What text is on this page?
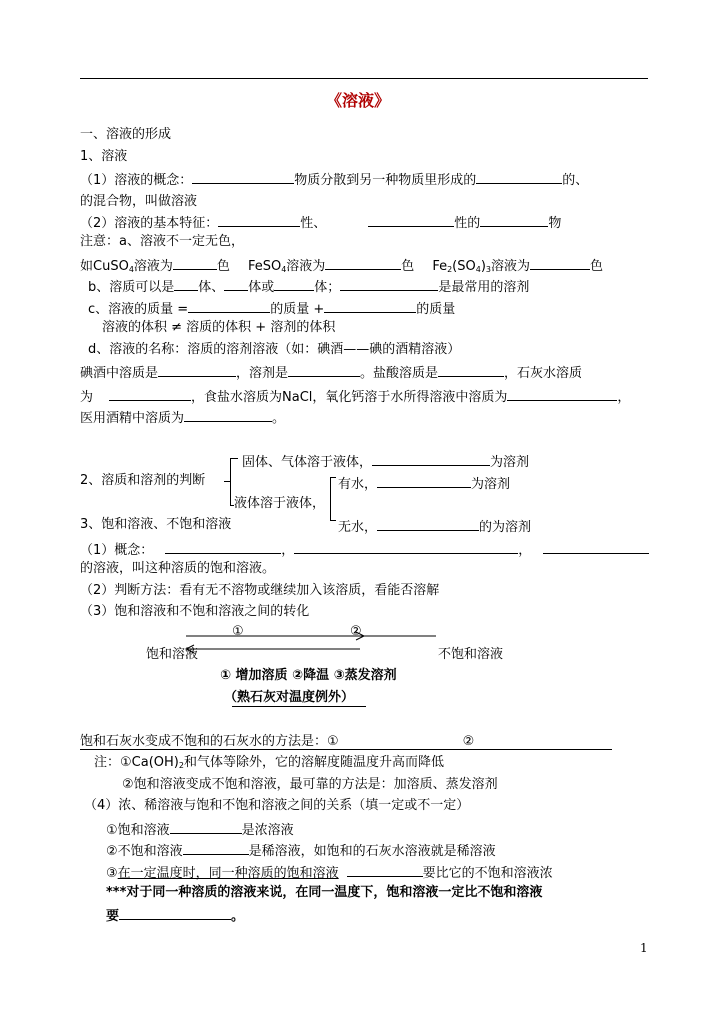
《溶液》
一、溶液的形成
1、溶液
（1）溶液的概念：	物质分散到另一种物质里形成的	的、
的混合物，叫做溶液
（2）溶液的基本特征：	性、	性的	物
注意：a、溶液不一定无色，
如CuSO$_4$溶液为	色 FeSO$_4$溶液为	色 $Fe_2(SO_4)_3$溶液为	色
b、溶质可以是 体、 体或	体；	是最常用的溶剂
c、溶液的质量 =	的质量 +	的质量
溶液的体积 ≠ 溶质的体积 + 溶剂的体积
d、溶液的名称：溶质的溶剂溶液（如：碘酒——碘的酒精溶液）
碘酒中溶质是	，溶剂是	。盐酸溶质是	，石灰水溶质
为	，食盐水溶质为NaCl，氧化钙溶于水所得溶液中溶质为	，
医用酒精中溶质为	。
2、溶质和溶剂的判断
固体、气体溶于液体，	为溶剂
液体溶于液体，
有水，	为溶剂
无水，	的为溶剂
3、饱和溶液、不饱和溶液
（1）概念：	，	，
的溶液，叫这种溶质的饱和溶液。
（2）判断方法：看有无不溶物或继续加入该溶质，看能否溶解
（3）饱和溶液和不饱和溶液之间的转化
①	②
饱和溶液	不饱和溶液
① 增加溶质 ②降温 ③蒸发溶剂
（熟石灰对温度例外）
饱和石灰水变成不饱和的石灰水的方法是：①	②
注：$①Ca(OH)_2$和气体等除外，它的溶解度随温度升高而降低
②饱和溶液变成不饱和溶液，最可靠的方法是：加溶质、蒸发溶剂
（4）浓、稀溶液与饱和不饱和溶液之间的关系（填一定或不一定）
①饱和溶液	是浓溶液
②不饱和溶液	是稀溶液，如饱和的石灰水溶液就是稀溶液
③在一定温度时，同一种溶质的饱和溶液	要比它的不饱和溶液浓
***对于同一种溶质的溶液来说，在同一温度下，饱和溶液一定比不饱和溶液
要	。
1
